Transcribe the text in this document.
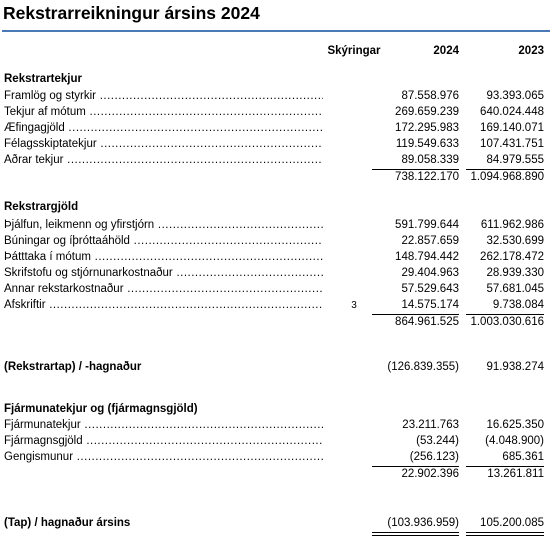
Rekstrarreikningur ársins 2024
Skýringar	2024	2023
Rekstrartekjur
Framlög og styrkir .....	87.558.976	93.393.065
Tekjur af mótum .....	269.659.239	640.024.448
Æfingagjöld .....	172.295.983	169.140.071
Félagsskiptatekjur .....	119.549.633	107.431.751
Aðrar tekjur .....	89.058.339	84.979.555
738.122.170 1.094.968.890
Rekstrargjöld
Þjálfun, leikmenn og yfirstjórn .....	591.799.644	611.962.986
Búningar og íþróttaáhöld .....	22.857.659	32.530.699
Þátttaka í mótum .....	148.794.442	262.178.472
Skrifstofu og stjórnunarkostnaður .....	29.404.963	28.939.330
Annar rekstarkostnaður .....	57.529.643	57.681.045
Afskriftir .....	3	14.575.174	9.738.084
864.961.525 1.003.030.616
(Rekstrartap) / -hagnaður	(126.839.355)	91.938.274
Fjármunatekjur og (fjármagnsgjöld)
Fjármunatekjur .....	23.211.763	16.625.350
Fjármagnsgjöld .....	(53.244)	(4.048.900)
Gengismunur .....	(256.123)	685.361
22.902.396	13.261.811
(Tap) / hagnaður ársins	(103.936.959)	105.200.085
